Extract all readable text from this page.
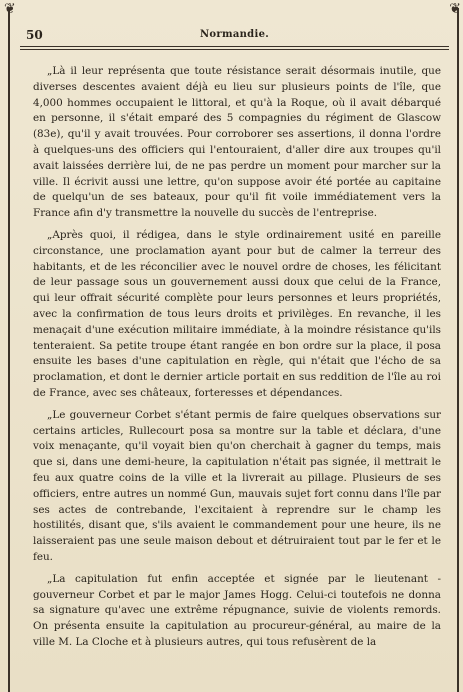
❦	❦
50	Normandie.

„Là il leur représenta que toute résistance serait désormais inutile, que diverses descentes avaient déjà eu lieu sur plusieurs points de l'île, que 4,000 hommes occupaient le littoral, et qu'à la Roque, où il avait débarqué en personne, il s'était emparé des 5 compagnies du régiment de Glascow (83e), qu'il y avait trouvées. Pour corroborer ses assertions, il donna l'ordre à quelques-uns des officiers qui l'entouraient, d'aller dire aux troupes qu'il avait laissées derrière lui, de ne pas perdre un moment pour marcher sur la ville. Il écrivit aussi une lettre, qu'on suppose avoir été portée au capitaine de quelqu'un de ses bateaux, pour qu'il fit voile immédiatement vers la France afin d'y transmettre la nouvelle du succès de l'entreprise.

„Après quoi, il rédigea, dans le style ordinairement usité en pareille circonstance, une proclamation ayant pour but de calmer la terreur des habitants, et de les réconcilier avec le nouvel ordre de choses, les félicitant de leur passage sous un gouvernement aussi doux que celui de la France, qui leur offrait sécurité complète pour leurs personnes et leurs propriétés, avec la confirmation de tous leurs droits et privilèges. En revanche, il les menaçait d'une exécution militaire immédiate, à la moindre résistance qu'ils tenteraient. Sa petite troupe étant rangée en bon ordre sur la place, il posa ensuite les bases d'une capitulation en règle, qui n'était que l'écho de sa proclamation, et dont le dernier article portait en sus reddition de l'île au roi de France, avec ses châteaux, forteresses et dépendances.

„Le gouverneur Corbet s'étant permis de faire quelques observations sur certains articles, Rullecourt posa sa montre sur la table et déclara, d'une voix menaçante, qu'il voyait bien qu'on cherchait à gagner du temps, mais que si, dans une demi-heure, la capitulation n'était pas signée, il mettrait le feu aux quatre coins de la ville et la livrerait au pillage. Plusieurs de ses officiers, entre autres un nommé Gun, mauvais sujet fort connu dans l'île par ses actes de contrebande, l'excitaient à reprendre sur le champ les hostilités, disant que, s'ils avaient le commandement pour une heure, ils ne laisseraient pas une seule maison debout et détruiraient tout par le fer et le feu.

„La capitulation fut enfin acceptée et signée par le lieutenant - gouverneur Corbet et par le major James Hogg. Celui-ci toutefois ne donna sa signature qu'avec une extrême répugnance, suivie de violents remords. On présenta ensuite la capitulation au procureur-général, au maire de la ville M. La Cloche et à plusieurs autres, qui tous refusèrent de la
